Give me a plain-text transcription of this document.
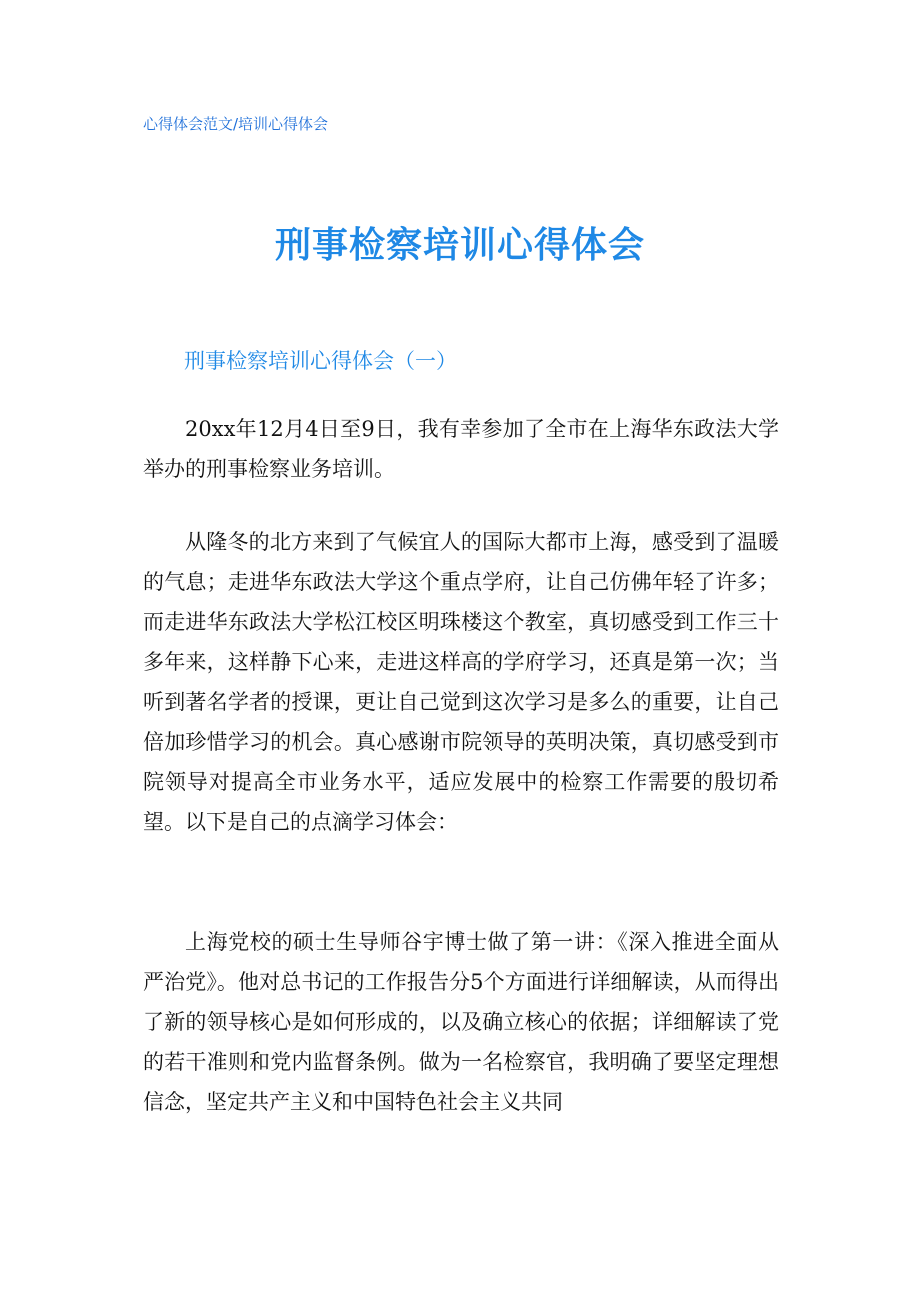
心得体会范文/培训心得体会
刑事检察培训心得体会
刑事检察培训心得体会（一）

20xx年12月4日至9日，我有幸参加了全市在上海华东政法大学举办的刑事检察业务培训。

从隆冬的北方来到了气候宜人的国际大都市上海，感受到了温暖的气息；走进华东政法大学这个重点学府，让自己仿佛年轻了许多；而走进华东政法大学松江校区明珠楼这个教室，真切感受到工作三十多年来，这样静下心来，走进这样高的学府学习，还真是第一次；当听到著名学者的授课，更让自己觉到这次学习是多么的重要，让自己倍加珍惜学习的机会。真心感谢市院领导的英明决策，真切感受到市院领导对提高全市业务水平，适应发展中的检察工作需要的殷切希望。以下是自己的点滴学习体会：

上海党校的硕士生导师谷宇博士做了第一讲：《深入推进全面从严治党》。他对总书记的工作报告分5个方面进行详细解读，从而得出了新的领导核心是如何形成的，以及确立核心的依据；详细解读了党的若干准则和党内监督条例。做为一名检察官，我明确了要坚定理想信念，坚定共产主义和中国特色社会主义共同
